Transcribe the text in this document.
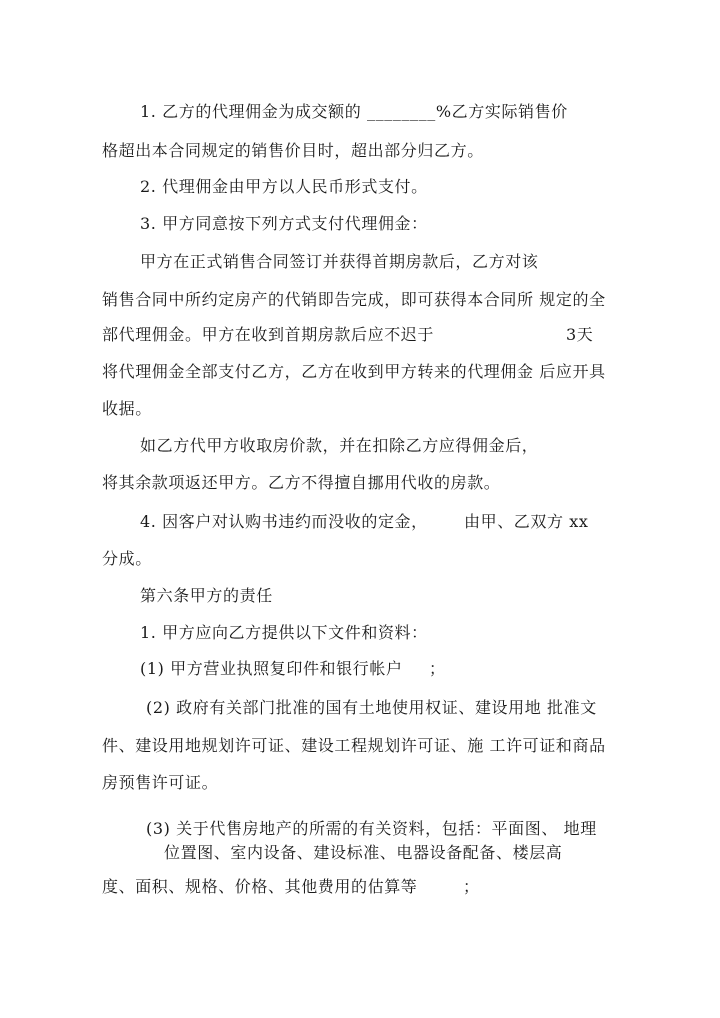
1. 乙方的代理佣金为成交额的 ________%乙方实际销售价
格超出本合同规定的销售价目时，超出部分归乙方。
2. 代理佣金由甲方以人民币形式支付。
3. 甲方同意按下列方式支付代理佣金：
甲方在正式销售合同签订并获得首期房款后，乙方对该
销售合同中所约定房产的代销即告完成，即可获得本合同所 规定的全
部代理佣金。甲方在收到首期房款后应不迟于	3天
将代理佣金全部支付乙方，乙方在收到甲方转来的代理佣金 后应开具
收据。
如乙方代甲方收取房价款，并在扣除乙方应得佣金后，
将其余款项返还甲方。乙方不得擅自挪用代收的房款。
4. 因客户对认购书违约而没收的定金， 由甲、乙双方 xx
分成。
第六条甲方的责任
1. 甲方应向乙方提供以下文件和资料：
(1) 甲方营业执照复印件和银行帐户 ；
(2) 政府有关部门批准的国有土地使用权证、建设用地 批准文
件、建设用地规划许可证、建设工程规划许可证、施 工许可证和商品
房预售许可证。
(3) 关于代售房地产的所需的有关资料，包括：平面图、 地理
位置图、室内设备、建设标准、电器设备配备、楼层高
度、面积、规格、价格、其他费用的估算等	；
